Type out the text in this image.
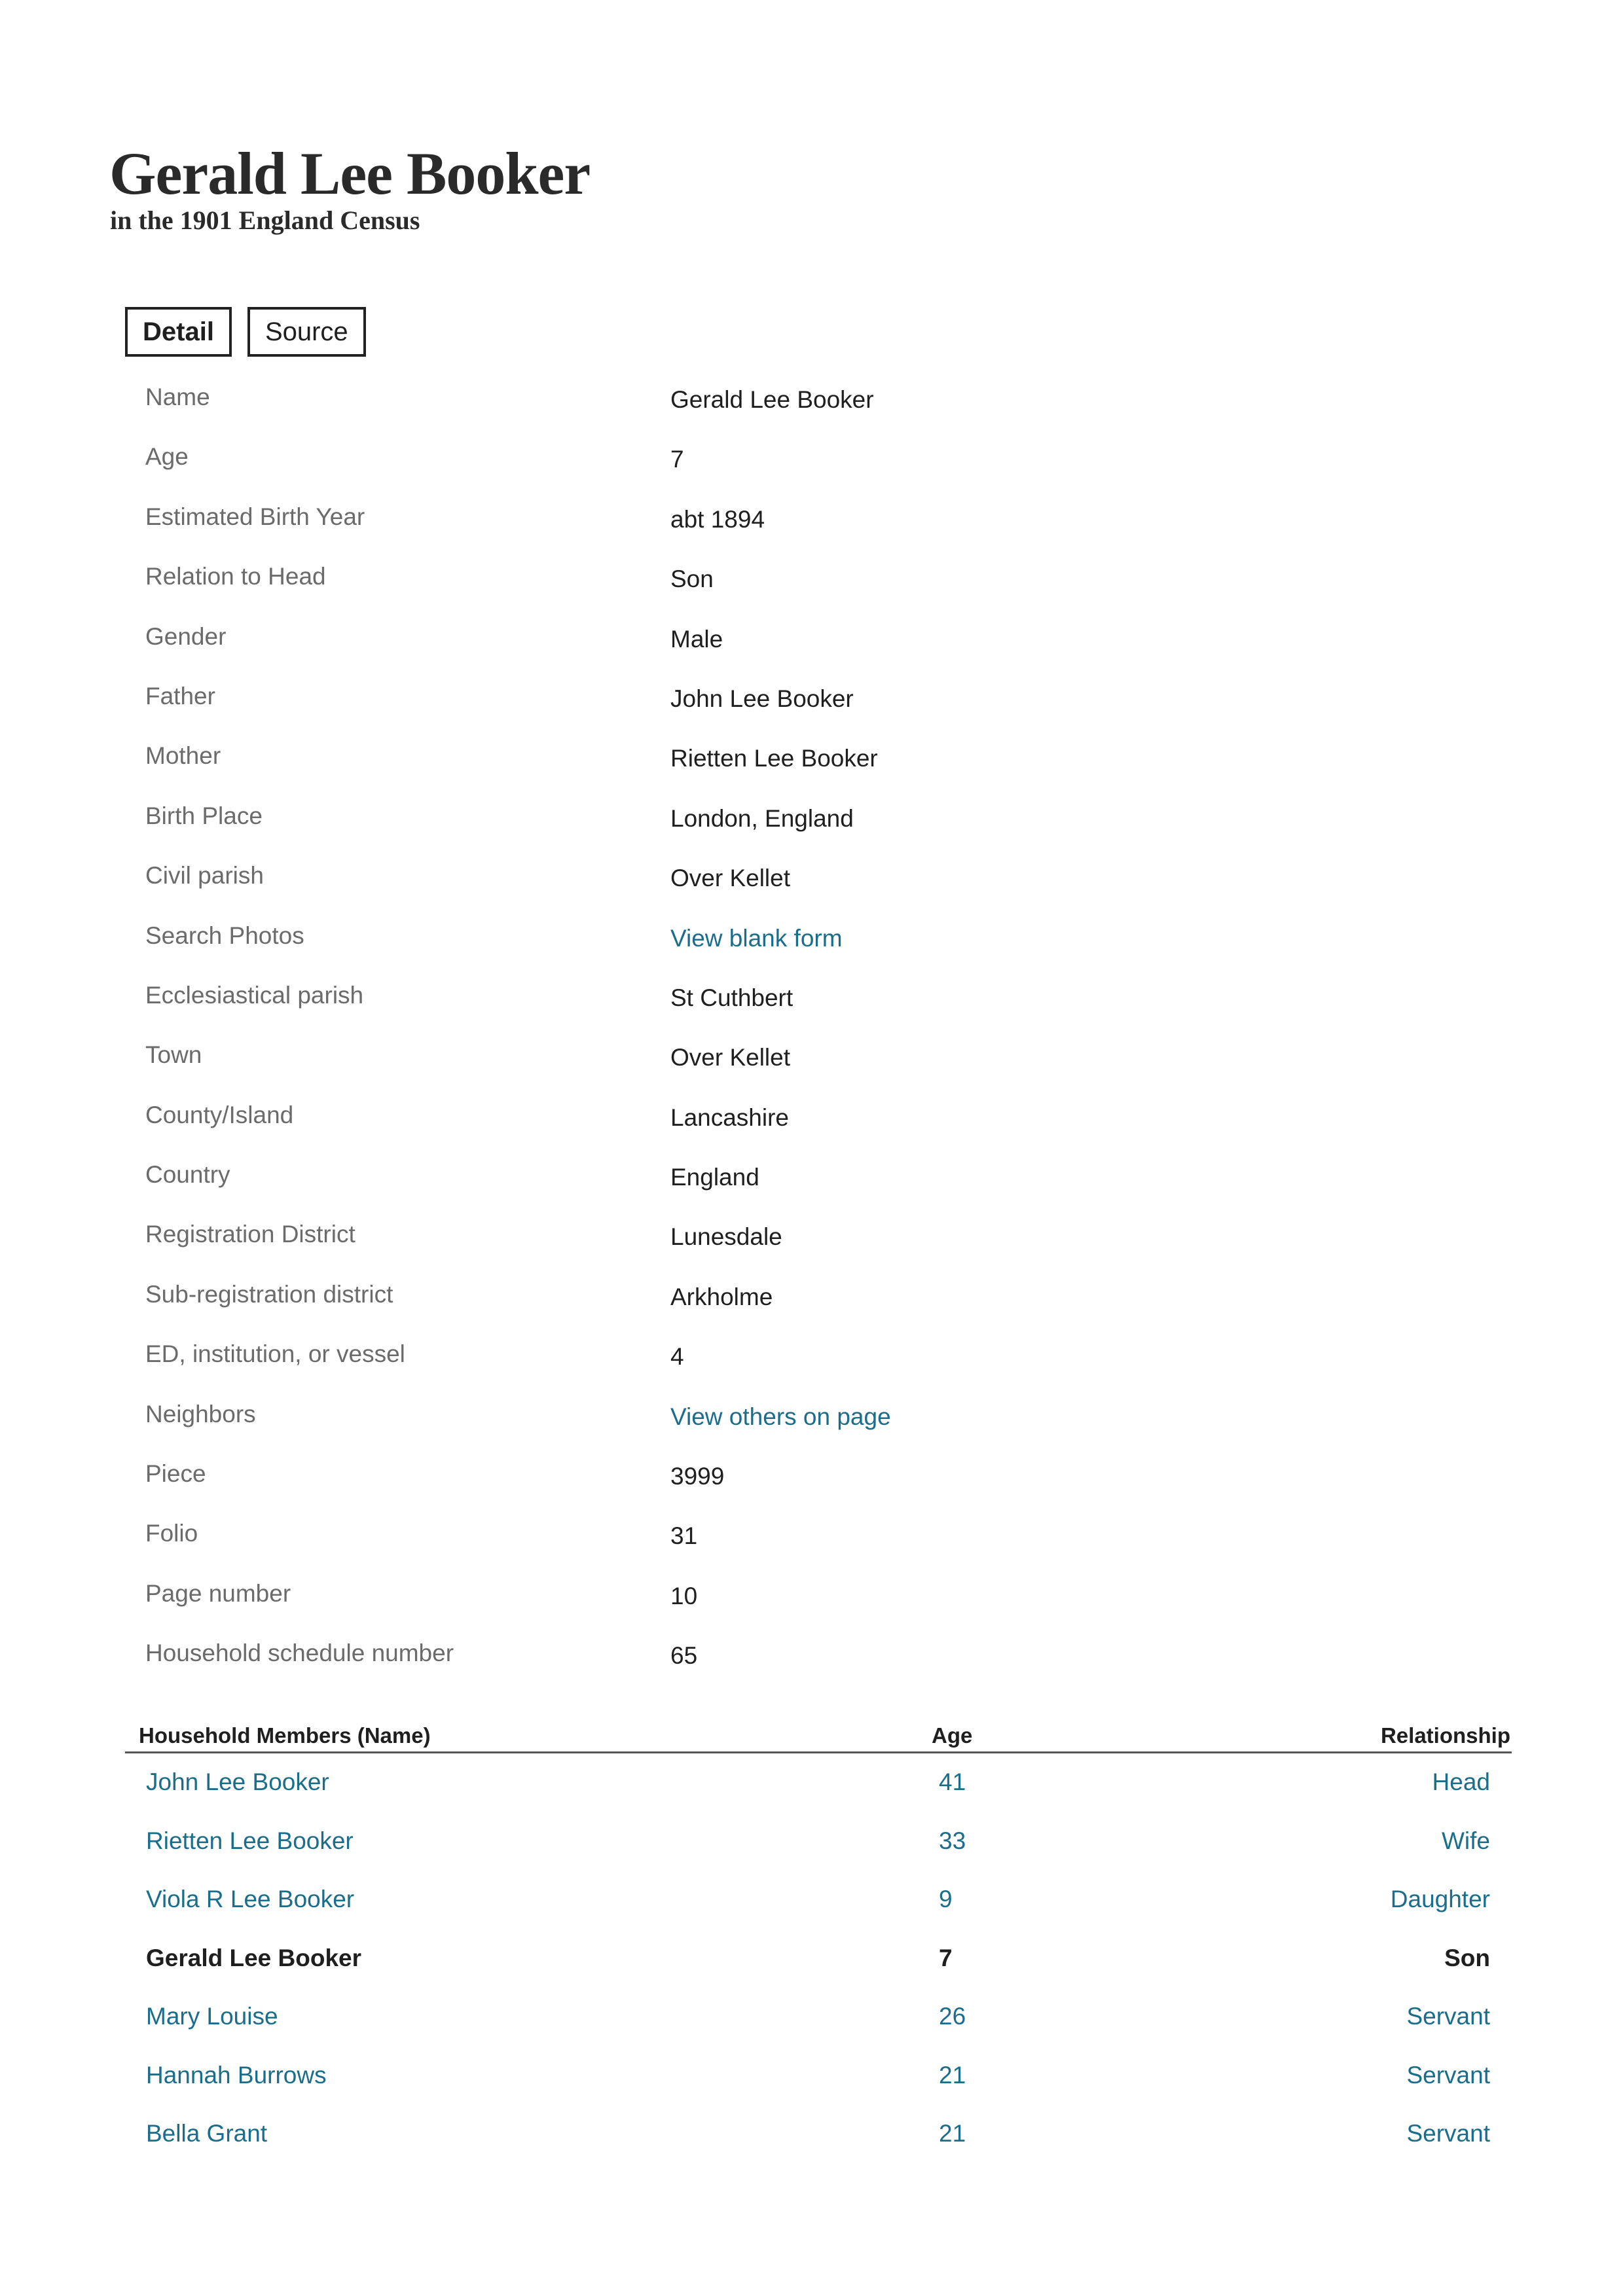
Gerald Lee Booker
in the 1901 England Census
Detail	Source
Name	Gerald Lee Booker
Age	7
Estimated Birth Year	abt 1894
Relation to Head	Son
Gender	Male
Father	John Lee Booker
Mother	Rietten Lee Booker
Birth Place	London, England
Civil parish	Over Kellet
Search Photos	View blank form
Ecclesiastical parish	St Cuthbert
Town	Over Kellet
County/Island	Lancashire
Country	England
Registration District	Lunesdale
Sub-registration district	Arkholme
ED, institution, or vessel	4
Neighbors	View others on page
Piece	3999
Folio	31
Page number	10
Household schedule number	65
Household Members (Name)	Age	Relationship
John Lee Booker	41	Head
Rietten Lee Booker	33	Wife
Viola R Lee Booker	9	Daughter
Gerald Lee Booker	7	Son
Mary Louise	26	Servant
Hannah Burrows	21	Servant
Bella Grant	21	Servant
